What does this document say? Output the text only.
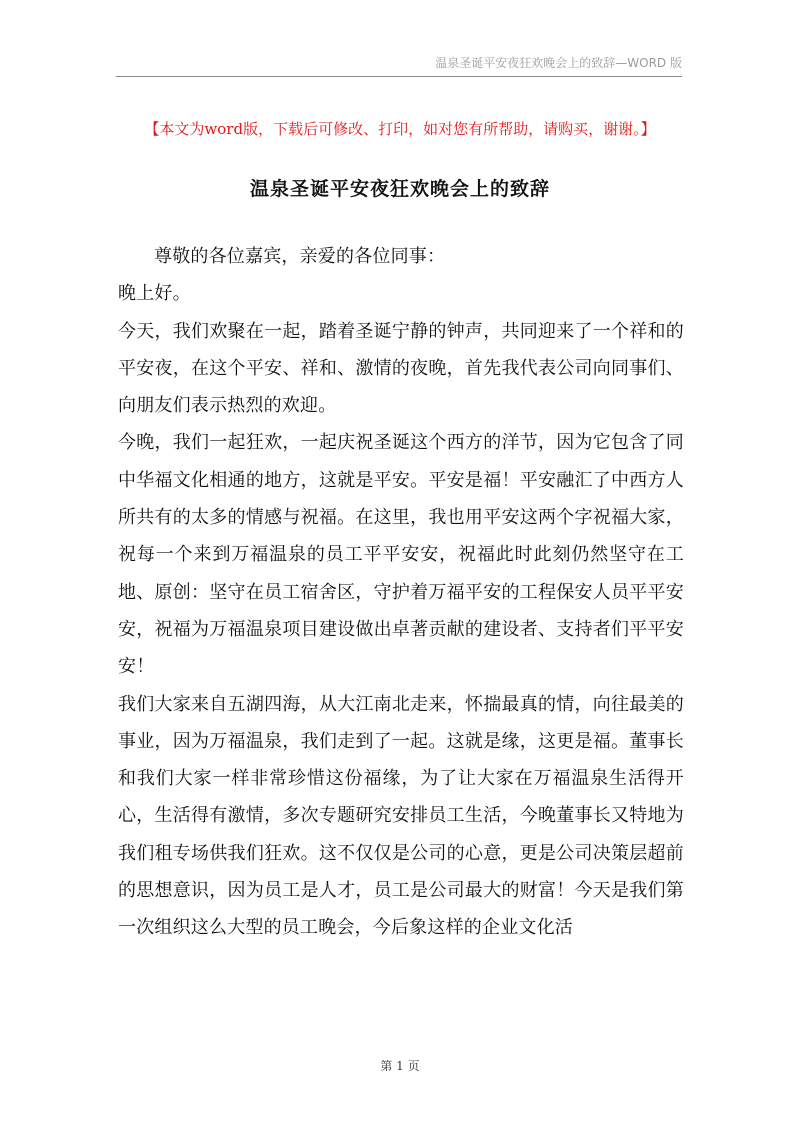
温泉圣诞平安夜狂欢晚会上的致辞—WORD 版
【本文为word版，下载后可修改、打印，如对您有所帮助，请购买，谢谢。】
温泉圣诞平安夜狂欢晚会上的致辞

尊敬的各位嘉宾，亲爱的各位同事：

晚上好。

今天，我们欢聚在一起，踏着圣诞宁静的钟声，共同迎来了一个祥和的平安夜，在这个平安、祥和、激情的夜晚，首先我代表公司向同事们、向朋友们表示热烈的欢迎。

今晚，我们一起狂欢，一起庆祝圣诞这个西方的洋节，因为它包含了同中华福文化相通的地方，这就是平安。平安是福！平安融汇了中西方人所共有的太多的情感与祝福。在这里，我也用平安这两个字祝福大家，祝每一个来到万福温泉的员工平平安安，祝福此时此刻仍然坚守在工地、原创：坚守在员工宿舍区，守护着万福平安的工程保安人员平平安安，祝福为万福温泉项目建设做出卓著贡献的建设者、支持者们平平安安！

我们大家来自五湖四海，从大江南北走来，怀揣最真的情，向往最美的事业，因为万福温泉，我们走到了一起。这就是缘，这更是福。董事长和我们大家一样非常珍惜这份福缘，为了让大家在万福温泉生活得开心，生活得有激情，多次专题研究安排员工生活，今晚董事长又特地为我们租专场供我们狂欢。这不仅仅是公司的心意，更是公司决策层超前的思想意识，因为员工是人才，员工是公司最大的财富！今天是我们第一次组织这么大型的员工晚会，今后象这样的企业文化活

第 1 页
